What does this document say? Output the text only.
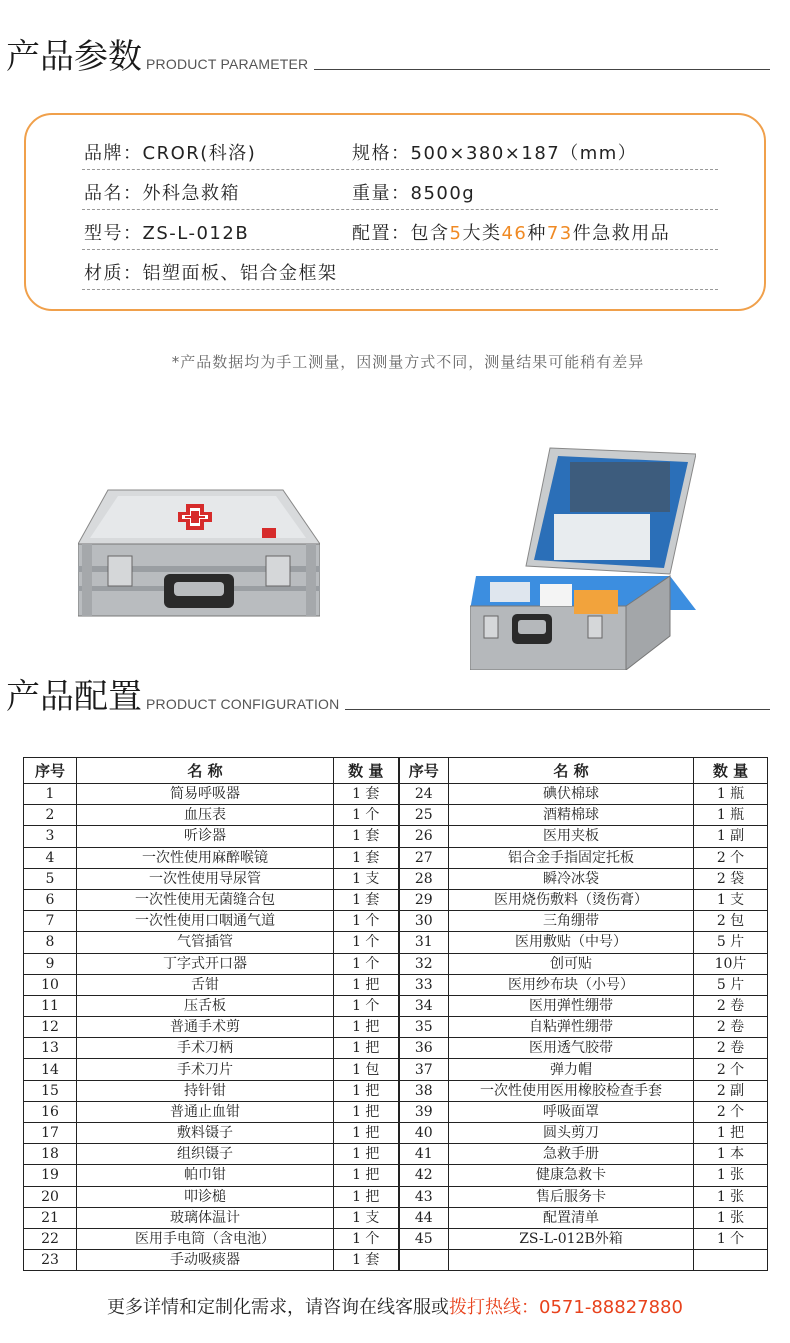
产品参数 PRODUCT PARAMETER
品牌：CROR(科洛)	规格：500×380×187（mm）
品名：外科急救箱	重量：8500g
型号：ZS-L-012B	配置：包含5大类46种73件急救用品
材质：铝塑面板、铝合金框架
*产品数据均为手工测量，因测量方式不同，测量结果可能稍有差异
产品配置 PRODUCT CONFIGURATION
序号	名 称	数 量	序号	名 称	数 量
1	简易呼吸器	1 套	24	碘伏棉球	1 瓶
2	血压表	1 个	25	酒精棉球	1 瓶
3	听诊器	1 套	26	医用夹板	1 副
4	一次性使用麻醉喉镜	1 套	27	铝合金手指固定托板	2 个
5	一次性使用导尿管	1 支	28	瞬冷冰袋	2 袋
6	一次性使用无菌缝合包	1 套	29	医用烧伤敷料（烫伤膏）	1 支
7	一次性使用口咽通气道	1 个	30	三角绷带	2 包
8	气管插管	1 个	31	医用敷贴（中号）	5 片
9	丁字式开口器	1 个	32	创可贴	10片
10	舌钳	1 把	33	医用纱布块（小号）	5 片
11	压舌板	1 个	34	医用弹性绷带	2 卷
12	普通手术剪	1 把	35	自粘弹性绷带	2 卷
13	手术刀柄	1 把	36	医用透气胶带	2 卷
14	手术刀片	1 包	37	弹力帽	2 个
15	持针钳	1 把	38	一次性使用医用橡胶检查手套	2 副
16	普通止血钳	1 把	39	呼吸面罩	2 个
17	敷料镊子	1 把	40	圆头剪刀	1 把
18	组织镊子	1 把	41	急救手册	1 本
19	帕巾钳	1 把	42	健康急救卡	1 张
20	叩诊槌	1 把	43	售后服务卡	1 张
21	玻璃体温计	1 支	44	配置清单	1 张
22	医用手电筒（含电池）	1 个	45	ZS-L-012B外箱	1 个
23	手动吸痰器	1 套			
更多详情和定制化需求，请咨询在线客服或拨打热线：0571-88827880
